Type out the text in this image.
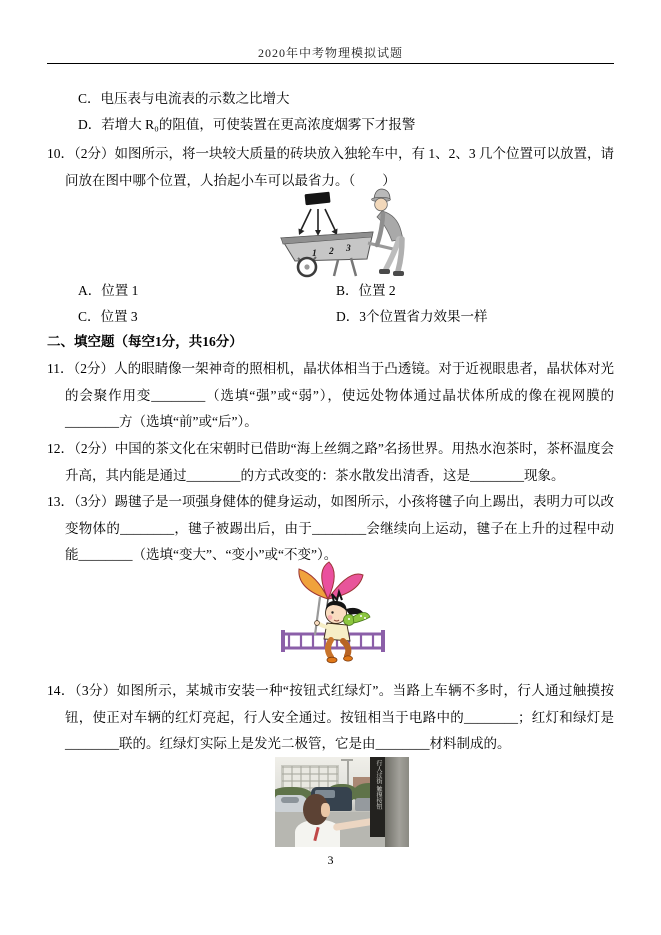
2020年中考物理模拟试题
C．电压表与电流表的示数之比增大
D．若增大 R₀的阻值，可使装置在更高浓度烟雾下才报警
10．（2分）如图所示，将一块较大质量的砖块放入独轮车中，有 1、2、3 几个位置可以放置，请问放在图中哪个位置，人抬起小车可以最省力。（　　）
1 2 3
A．位置 1	B．位置 2
C．位置 3	D．3个位置省力效果一样
二、填空题（每空1分，共16分）
11．（2分）人的眼睛像一架神奇的照相机，晶状体相当于凸透镜。对于近视眼患者，晶状体对光的会聚作用变________（选填“强”或“弱”），使远处物体通过晶状体所成的像在视网膜的________方（选填“前”或“后”）。
12．（2分）中国的茶文化在宋朝时已借助“海上丝绸之路”名扬世界。用热水泡茶时，茶杯温度会升高，其内能是通过________的方式改变的：茶水散发出清香，这是________现象。
13．（3分）踢毽子是一项强身健体的健身运动，如图所示，小孩将毽子向上踢出，表明力可以改变物体的________，毽子被踢出后，由于________会继续向上运动，毽子在上升的过程中动能________（选填“变大”、“变小”或“不变”）。
14．（3分）如图所示，某城市安装一种“按钮式红绿灯”。当路上车辆不多时，行人通过触摸按钮，使正对车辆的红灯亮起，行人安全通过。按钮相当于电路中的________；红灯和绿灯是________联的。红绿灯实际上是发光二极管，它是由________材料制成的。
行人过街 触摸按钮
3
